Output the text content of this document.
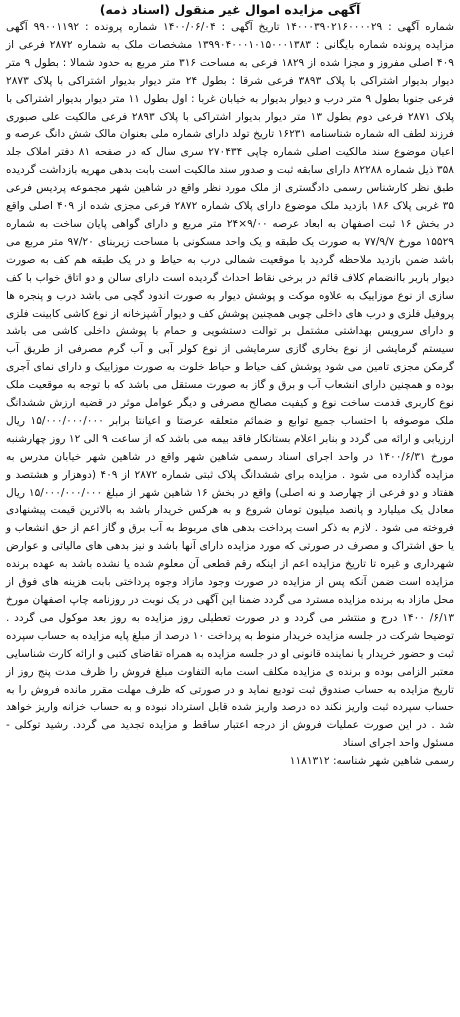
آگهی مزایده اموال غیر منقول (اسناد ذمه)

شماره آگهی : ۱۴۰۰۰۳۹۰۲۱۶۰۰۰۰۲۹ تاریخ آگهی : ۱۴۰۰/۰۶/۰۴ شماره پرونده : ۹۹۰۰۱۱۹۲ آگهی مزایده پرونده شماره بایگانی : ۱۳۹۹۰۴۰۰۰۱۰۱۵۰۰۰۱۳۸۳ مشخصات ملک به شماره ۲۸۷۲ فرعی از ۴۰۹ اصلی مفروز و مجزا شده از ۱۸۲۹ فرعی به مساحت ۳۱۶ متر مربع به حدود شمالا : بطول ۹ متر دیوار بدیوار اشتراکی با پلاک ۳۸۹۳ فرعی شرقا : بطول ۲۴ متر دیوار بدیوار اشتراکی با پلاک ۲۸۷۳ فرعی جنوبا بطول ۹ متر درب و دیوار بدیوار به خیابان غربا : اول بطول ۱۱ متر دیوار بدیوار اشتراکی با پلاک ۲۸۷۱ فرعی دوم بطول ۱۳ متر دیوار بدیوار اشتراکی با پلاک ۲۸۹۳ فرعی مالکیت علی صبوری فرزند لطف اله شماره شناسنامه ۱۶۲۳۱ تاریخ تولد دارای شماره ملی بعنوان مالک شش دانگ عرصه و اعیان موضوع سند مالکیت اصلی شماره چاپی ۲۷۰۴۳۴ سری سال که در صفحه ۸۱ دفتر املاک جلد ۳۵۸ ذیل شماره ۸۲۲۸۸ دارای سابقه ثبت و صدور سند مالکیت است بابت بدهی مهریه بازداشت گردیده طبق نظر کارشناس رسمی دادگستری از ملک مورد نظر واقع در شاهین شهر مجموعه پردیس فرعی ۳۵ غربی پلاک ۱۸۶ بازدید ملک موضوع دارای پلاک شماره ۲۸۷۲ فرعی مجزی شده از ۴۰۹ اصلی واقع در بخش ۱۶ ثبت اصفهان به ابعاد عرصه ۹/۰۰×۲۴ متر مربع و دارای گواهی پایان ساخت به شماره ۱۵۵۲۹ مورخ ۷۷/۹/۷ به صورت یک طبقه و یک واحد مسکونی با مساحت زیربنای ۹۷/۲۰ متر مربع می باشد ضمن بازدید ملاحظه گردید با موقعیت شمالی درب به حیاط و در یک طبقه هم کف به صورت دیوار باربر باانضمام کلاف قائم در برخی نقاط احداث گردیده است دارای سالن و دو اتاق خواب با کف سازی از نوع موزاییک به علاوه موکت و پوشش دیوار به صورت اندود گچی می باشد درب و پنجره ها پروفیل فلزی و درب های داخلی چوبی همچنین پوشش کف و دیوار آشپزخانه از نوع کاشی کابینت فلزی و دارای سرویس بهداشتی مشتمل بر توالت دستشویی و حمام با پوشش داخلی کاشی می باشد سیستم گرمایشی از نوع بخاری گازی سرمایشی از نوع کولر آبی و آب گرم مصرفی از طریق آب گرمکن مجزی تامین می شود پوشش کف حیاط و حیاط خلوت به صورت موزاییک و دارای نمای آجری بوده و همچنین دارای انشعاب آب و برق و گاز به صورت مستقل می باشد که با توجه به موقعیت ملک نوع کاربری قدمت ساخت نوع و کیفیت مصالح مصرفی و دیگر عوامل موثر در قضیه ارزش ششدانگ ملک موصوفه با احتساب جمیع توابع و ضمائم متعلقه عرصتا و اعیانتا برابر ۱۵/۰۰۰/۰۰۰/۰۰۰ ریال ارزیابی و ارائه می گردد و بنابر اعلام بستانکار فاقد بیمه می باشد که از ساعت ۹ الی ۱۲ روز چهارشنبه مورخ ۱۴۰۰/۶/۳۱ در واحد اجرای اسناد رسمی شاهین شهر واقع در شاهین شهر خیابان مدرس به مزایده گذارده می شود . مزایده برای ششدانگ پلاک ثبتی شماره ۲۸۷۲ از ۴۰۹ (دوهزار و هشتصد و هفتاد و دو فرعی از چهارصد و نه اصلی) واقع در بخش ۱۶ شاهین شهر از مبلغ ۱۵/۰۰۰/۰۰۰/۰۰۰ ریال معادل یک میلیارد و پانصد میلیون تومان شروع و به هرکس خریدار باشد به بالاترین قیمت پیشنهادی فروخته می شود . لازم به ذکر است پرداخت بدهی های مربوط به آب برق و گاز اعم از حق انشعاب و یا حق اشتراک و مصرف در صورتی که مورد مزایده دارای آنها باشد و نیز بدهی های مالیاتی و عوارض شهرداری و غیره تا تاریخ مزایده اعم از اینکه رقم قطعی آن معلوم شده یا نشده باشد به عهده برنده مزایده است ضمن آنکه پس از مزایده در صورت وجود مازاد وجوه پرداختی بابت هزینه های فوق از محل مازاد به برنده مزایده مسترد می گردد ضمنا این آگهی در یک نوبت در روزنامه چاپ اصفهان مورخ ۶/۱۳/ ۱۴۰۰ درج و منتشر می گردد و در صورت تعطیلی روز مزایده به روز بعد موکول می گردد . توضیحا شرکت در جلسه مزایده خریدار منوط به پرداخت ۱۰ درصد از مبلغ پایه مزایده به حساب سپرده ثبت و حضور خریدار یا نماینده قانونی او در جلسه مزایده به همراه تقاضای کتبی و ارائه کارت شناسایی معتبر الزامی بوده و برنده ی مزایده مکلف است مابه التفاوت مبلغ فروش را ظرف مدت پنج روز از تاریخ مزایده به حساب صندوق ثبت تودیع نماید و در صورتی که ظرف مهلت مقرر مانده فروش را به حساب سپرده ثبت واریز نکند ده درصد واریز شده قابل استرداد نبوده و به حساب خزانه واریز خواهد شد . در این صورت عملیات فروش از درجه اعتبار ساقط و مزایده تجدید می گردد. رشید توکلی - مسئول واحد اجرای اسناد

رسمی شاهین شهر شناسه: ۱۱۸۱۳۱۲
